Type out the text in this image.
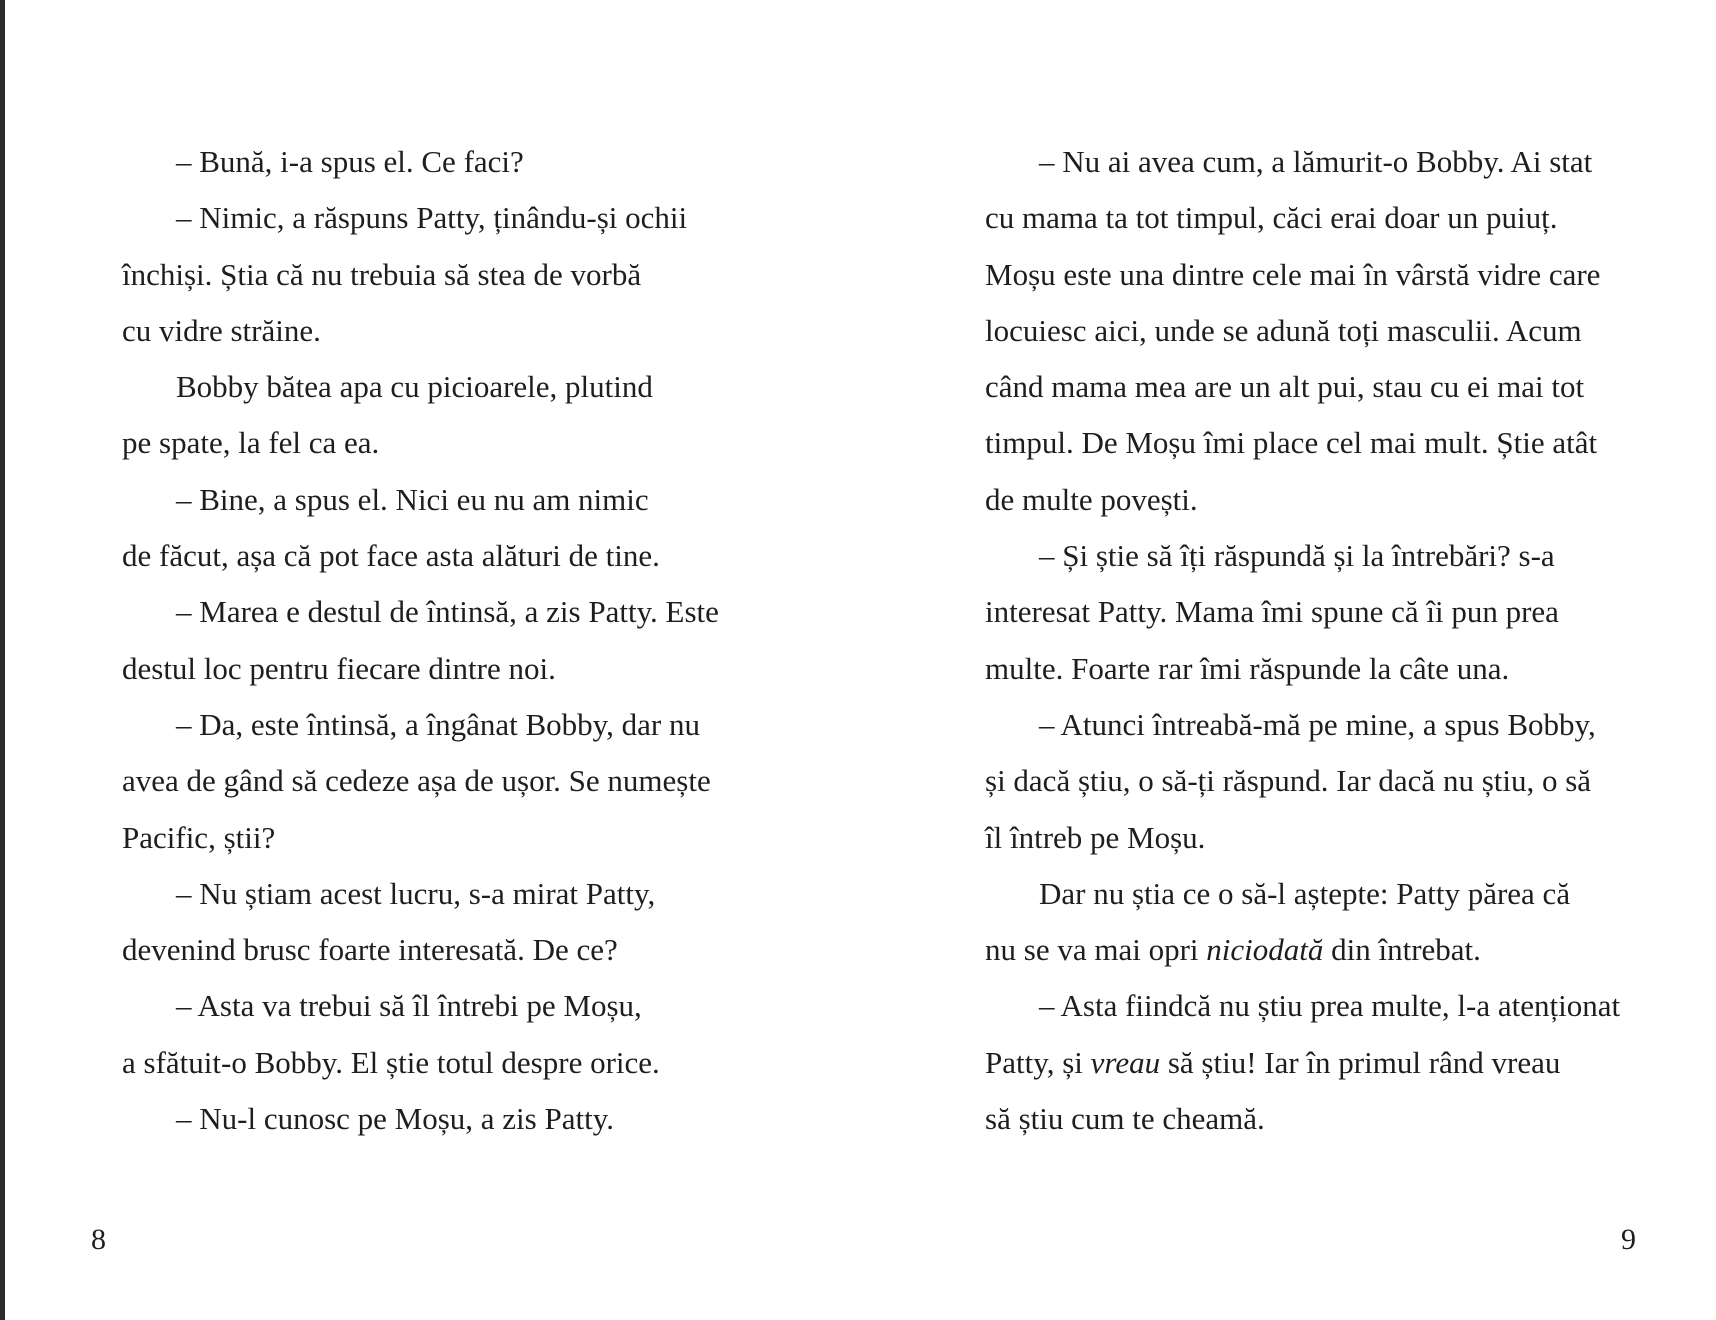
– Bună, i-a spus el. Ce faci?
– Nimic, a răspuns Patty, ținându-și ochii
închiși. Știa că nu trebuia să stea de vorbă
cu vidre străine.
Bobby bătea apa cu picioarele, plutind
pe spate, la fel ca ea.
– Bine, a spus el. Nici eu nu am nimic
de făcut, așa că pot face asta alături de tine.
– Marea e destul de întinsă, a zis Patty. Este
destul loc pentru fiecare dintre noi.
– Da, este întinsă, a îngânat Bobby, dar nu
avea de gând să cedeze așa de ușor. Se numește
Pacific, știi?
– Nu știam acest lucru, s-a mirat Patty,
devenind brusc foarte interesată. De ce?
– Asta va trebui să îl întrebi pe Moșu,
a sfătuit-o Bobby. El știe totul despre orice.
– Nu-l cunosc pe Moșu, a zis Patty.
– Nu ai avea cum, a lămurit-o Bobby. Ai stat
cu mama ta tot timpul, căci erai doar un puiuț.
Moșu este una dintre cele mai în vârstă vidre care
locuiesc aici, unde se adună toți masculii. Acum
când mama mea are un alt pui, stau cu ei mai tot
timpul. De Moșu îmi place cel mai mult. Știe atât
de multe povești.
– Și știe să îți răspundă și la întrebări? s-a
interesat Patty. Mama îmi spune că îi pun prea
multe. Foarte rar îmi răspunde la câte una.
– Atunci întreabă-mă pe mine, a spus Bobby,
și dacă știu, o să-ți răspund. Iar dacă nu știu, o să
îl întreb pe Moșu.
Dar nu știa ce o să-l aștepte: Patty părea că
nu se va mai opri niciodată din întrebat.
– Asta fiindcă nu știu prea multe, l-a atenționat
Patty, și vreau să știu! Iar în primul rând vreau
să știu cum te cheamă.
8	9
